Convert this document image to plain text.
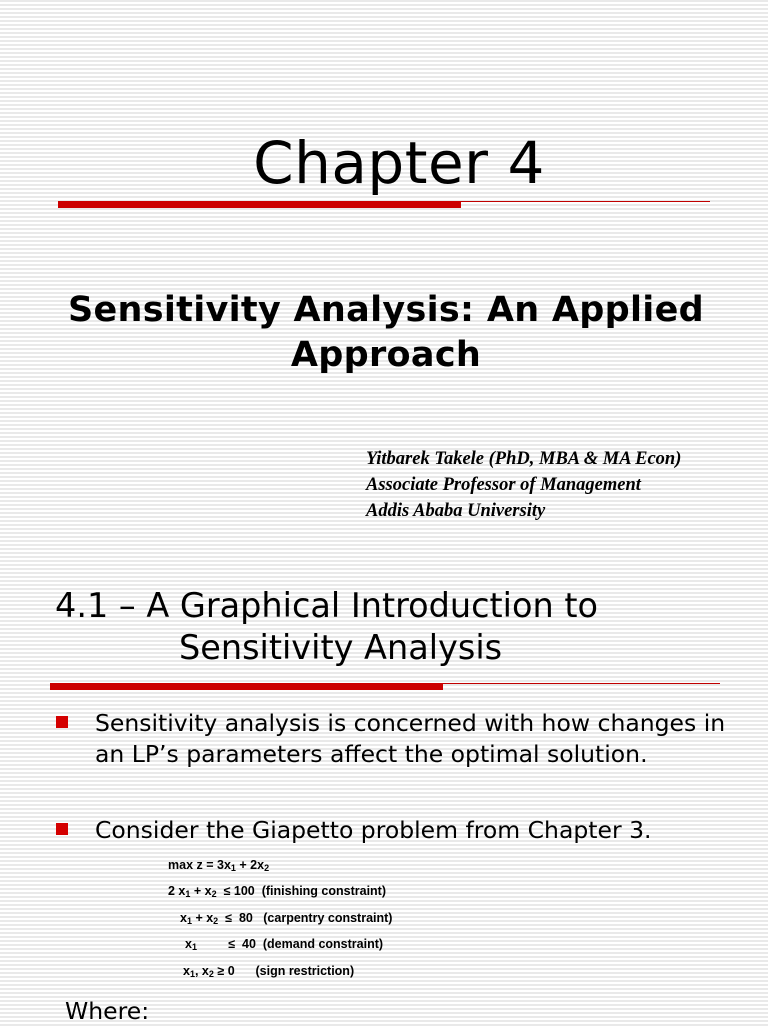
Chapter 4
Sensitivity Analysis: An Applied
Approach
Yitbarek Takele (PhD, MBA & MA Econ)
Associate Professor of Management
Addis Ababa University
4.1 – A Graphical Introduction to
Sensitivity Analysis
Sensitivity analysis is concerned with how changes in an LP’s parameters affect the optimal solution.
Consider the Giapetto problem from Chapter 3.
$\max z = 3x_1 + 2x_2$
2 $x_1 + x_2 \le 100$  (finishing constraint)
$x_1 + x_2 \le 80$   (carpentry constraint)
$x_1$         ≤  40  (demand constraint)
$x_1$, $x_2 \ge 0$      (sign restriction)
Where:
